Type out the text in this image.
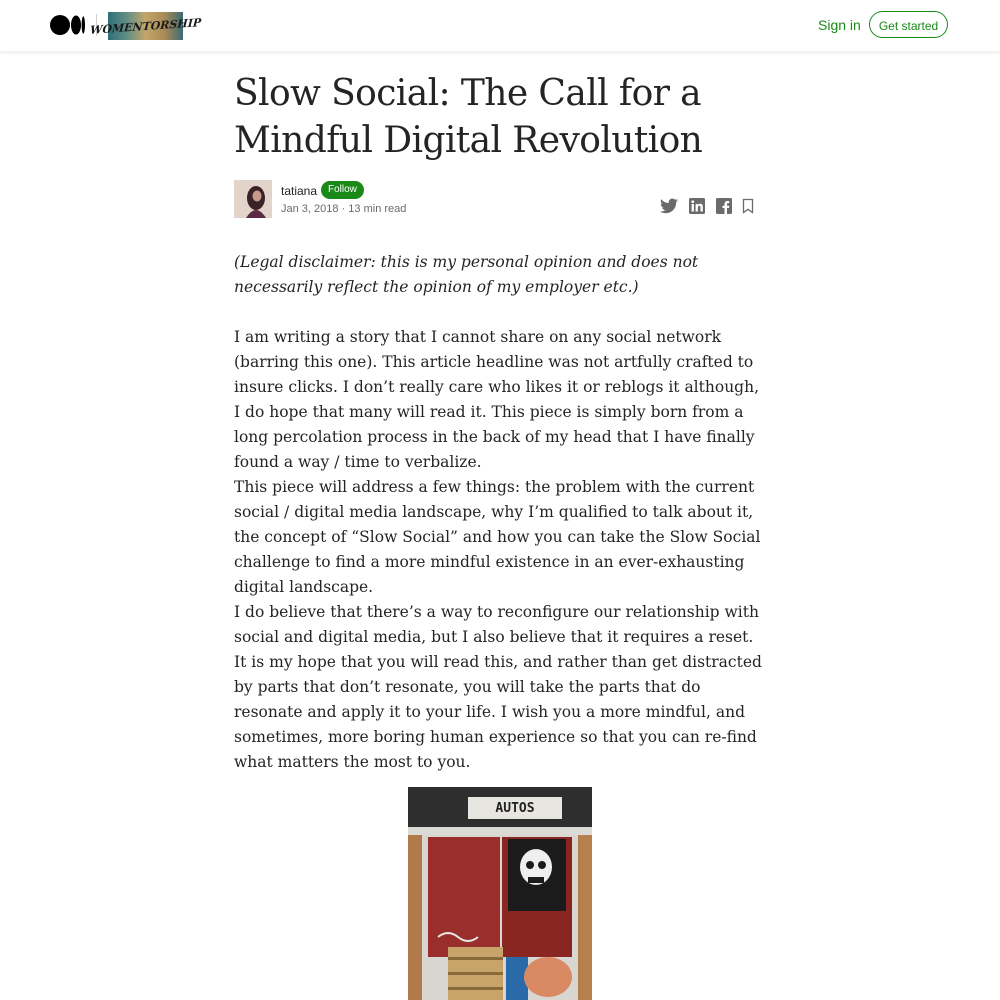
WOMENTORSHIP	Sign in	Get started
Slow Social: The Call for a Mindful Digital Revolution
tatiana	Follow
Jan 3, 2018 · 13 min read

(Legal disclaimer: this is my personal opinion and does not necessarily reflect the opinion of my employer etc.)

I am writing a story that I cannot share on any social network (barring this one). This article headline was not artfully crafted to insure clicks. I don’t really care who likes it or reblogs it although, I do hope that many will read it. This piece is simply born from a long percolation process in the back of my head that I have finally found a way / time to verbalize.

This piece will address a few things: the problem with the current social / digital media landscape, why I’m qualified to talk about it, the concept of “Slow Social” and how you can take the Slow Social challenge to find a more mindful existence in an ever-exhausting digital landscape.

I do believe that there’s a way to reconfigure our relationship with social and digital media, but I also believe that it requires a reset. It is my hope that you will read this, and rather than get distracted by parts that don’t resonate, you will take the parts that do resonate and apply it to your life. I wish you a more mindful, and sometimes, more boring human experience so that you can re-find what matters the most to you.

AUTOS
